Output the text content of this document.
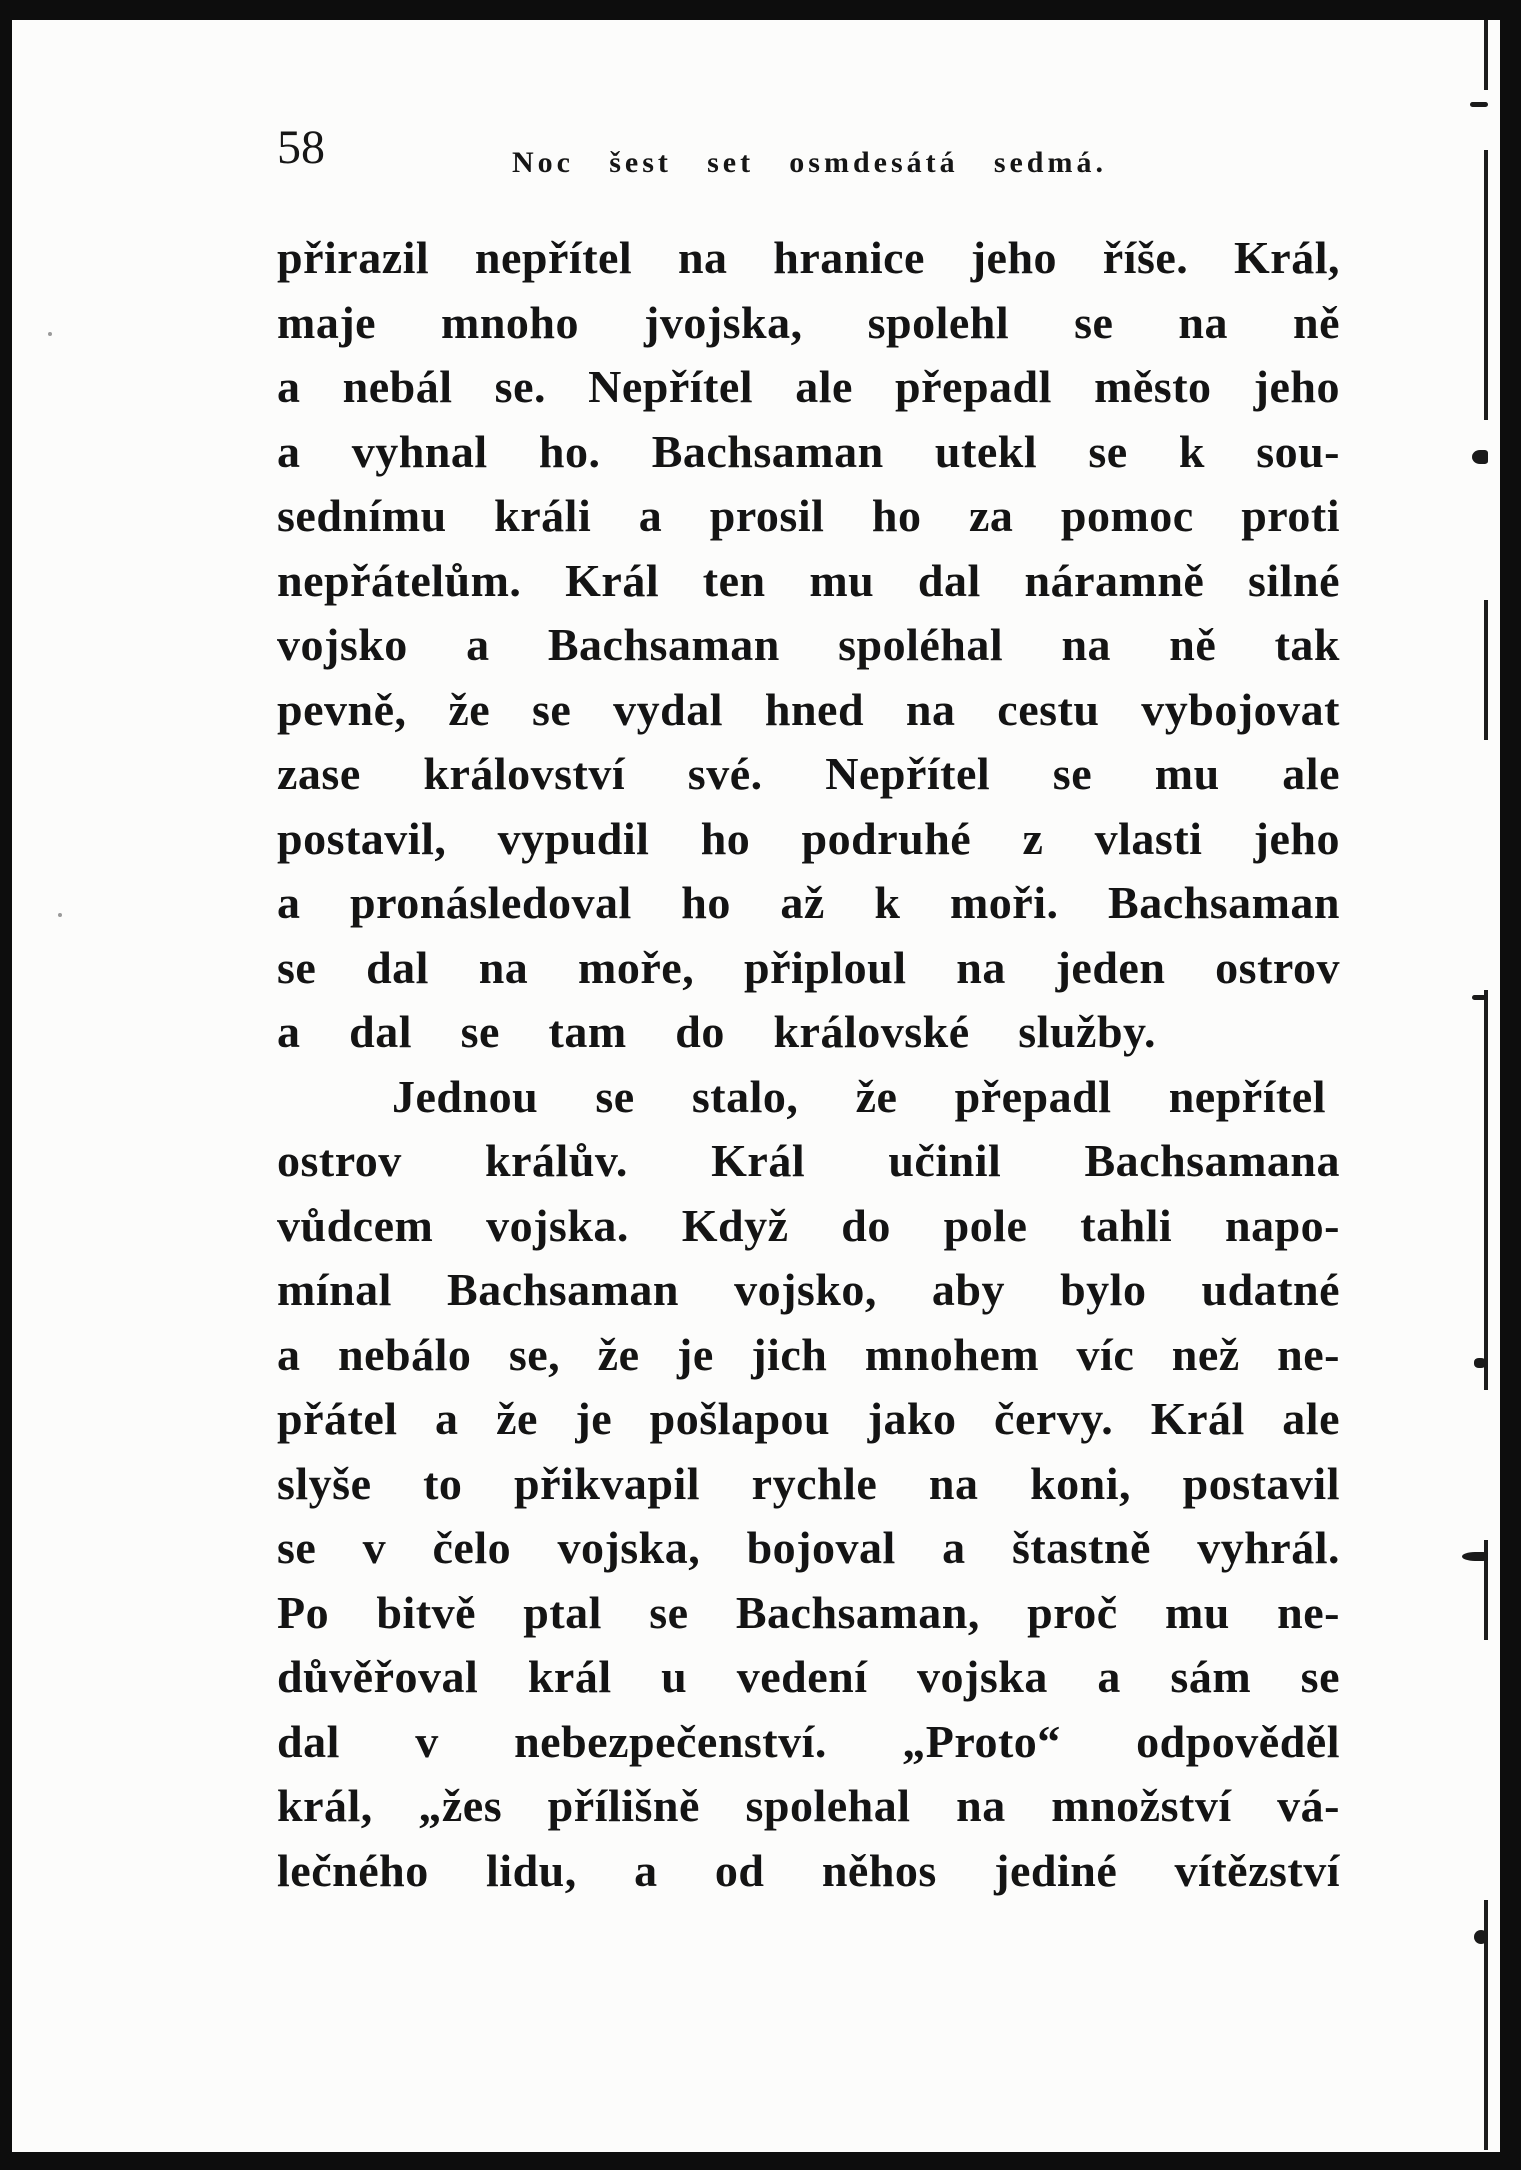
58	Noc šest set osmdesátá sedmá.
přirazil nepřítel na hranice jeho říše. Král,
maje mnoho jvojska, spolehl se na ně
a nebál se. Nepřítel ale přepadl město jeho
a vyhnal ho. Bachsaman utekl se k sou-
sednímu králi a prosil ho za pomoc proti
nepřátelům. Král ten mu dal náramně silné
vojsko a Bachsaman spoléhal na ně tak
pevně, že se vydal hned na cestu vybojovat
zase království své. Nepřítel se mu ale
postavil, vypudil ho podruhé z vlasti jeho
a pronásledoval ho až k moři. Bachsaman
se dal na moře, připloul na jeden ostrov
a dal se tam do královské služby.
Jednou se stalo, že přepadl nepřítel
ostrov králův. Král učinil Bachsamana
vůdcem vojska. Když do pole tahli napo-
mínal Bachsaman vojsko, aby bylo udatné
a nebálo se, že je jich mnohem víc než ne-
přátel a že je pošlapou jako červy. Král ale
slyše to přikvapil rychle na koni, postavil
se v čelo vojska, bojoval a štastně vyhrál.
Po bitvě ptal se Bachsaman, proč mu ne-
důvěřoval král u vedení vojska a sám se
dal v nebezpečenství. „Proto“ odpověděl
král, „žes přílišně spolehal na množství vá-
lečného lidu, a od něhos jediné vítězství
